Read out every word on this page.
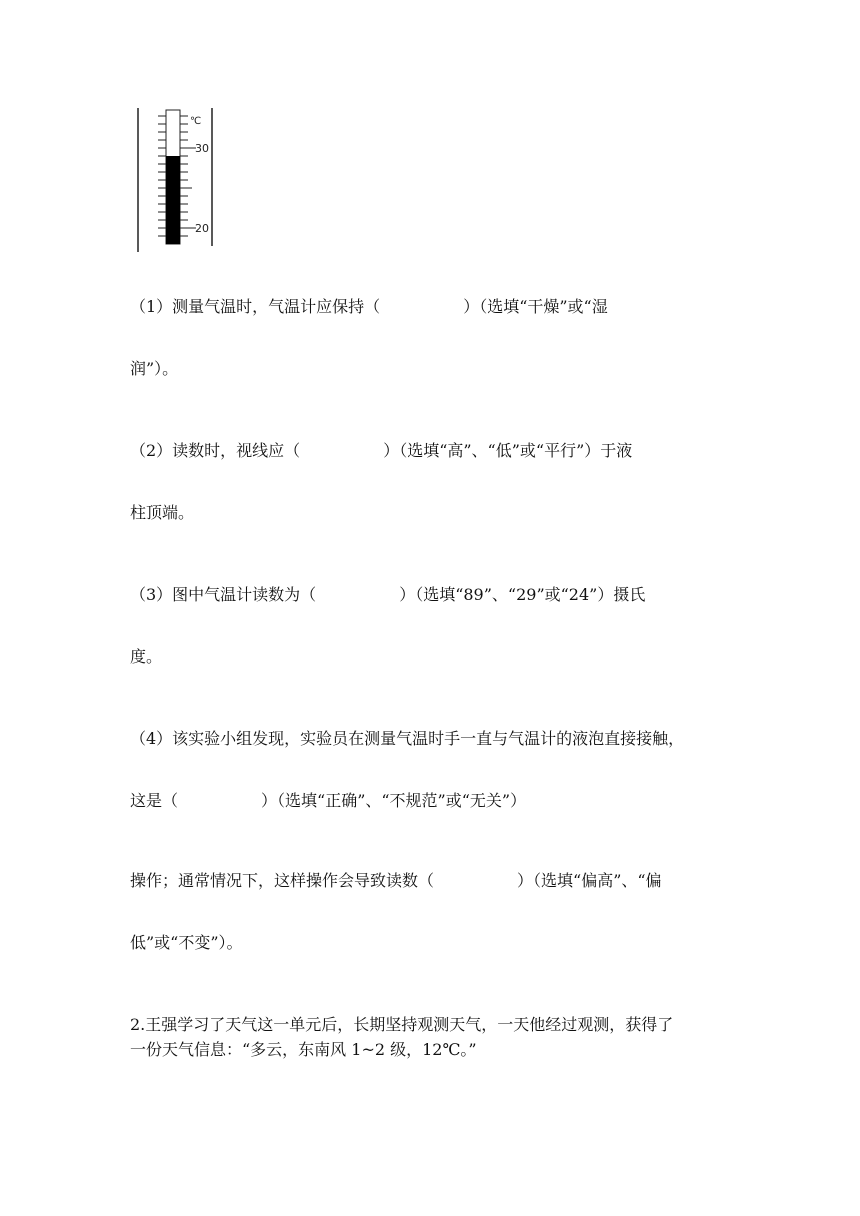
℃
30
20
（1）测量气温时，气温计应保持（	）（选填“干燥”或“湿
润”）。
（2）读数时，视线应（	）（选填“高”、“低”或“平行”）于液
柱顶端。
（3）图中气温计读数为（	）（选填“89”、“29”或“24”）摄氏
度。
（4）该实验小组发现，实验员在测量气温时手一直与气温计的液泡直接接触，
这是（	）（选填“正确”、“不规范”或“无关”）
操作；通常情况下，这样操作会导致读数（	）（选填“偏高”、“偏
低”或“不变”）。
2.王强学习了天气这一单元后，长期坚持观测天气，一天他经过观测，获得了
一份天气信息：“多云，东南风 1~2 级，12℃。”
